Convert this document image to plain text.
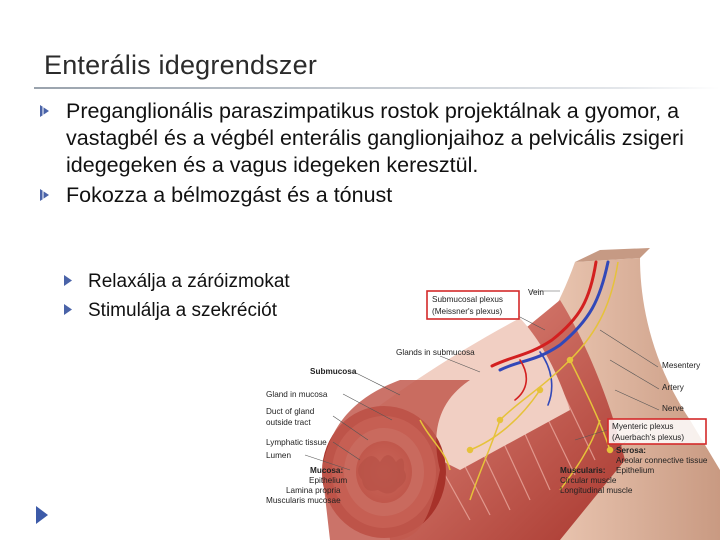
Enterális idegrendszer
Preganglionális paraszimpatikus rostok projektálnak a gyomor, a vastagbél és a végbél enterális ganglionjaihoz a pelvicális zsigeri idegegeken és a vagus idegeken keresztül.
Fokozza a bélmozgást és a tónust
Relaxálja a záróizmokat
Stimulálja a szekréciót
Vein
Submucosal plexus
(Meissner's plexus)
Glands in submucosa
Submucosa
Gland in mucosa
Duct of gland
outside tract
Lymphatic tissue
Lumen
Mucosa:
Epithelium
Lamina propria
Muscularis mucosae
Mesentery
Artery
Nerve
Myenteric plexus
(Auerbach's plexus)
Serosa:
Areolar connective tissue
Epithelium
Muscularis:
Circular muscle
Longitudinal muscle
